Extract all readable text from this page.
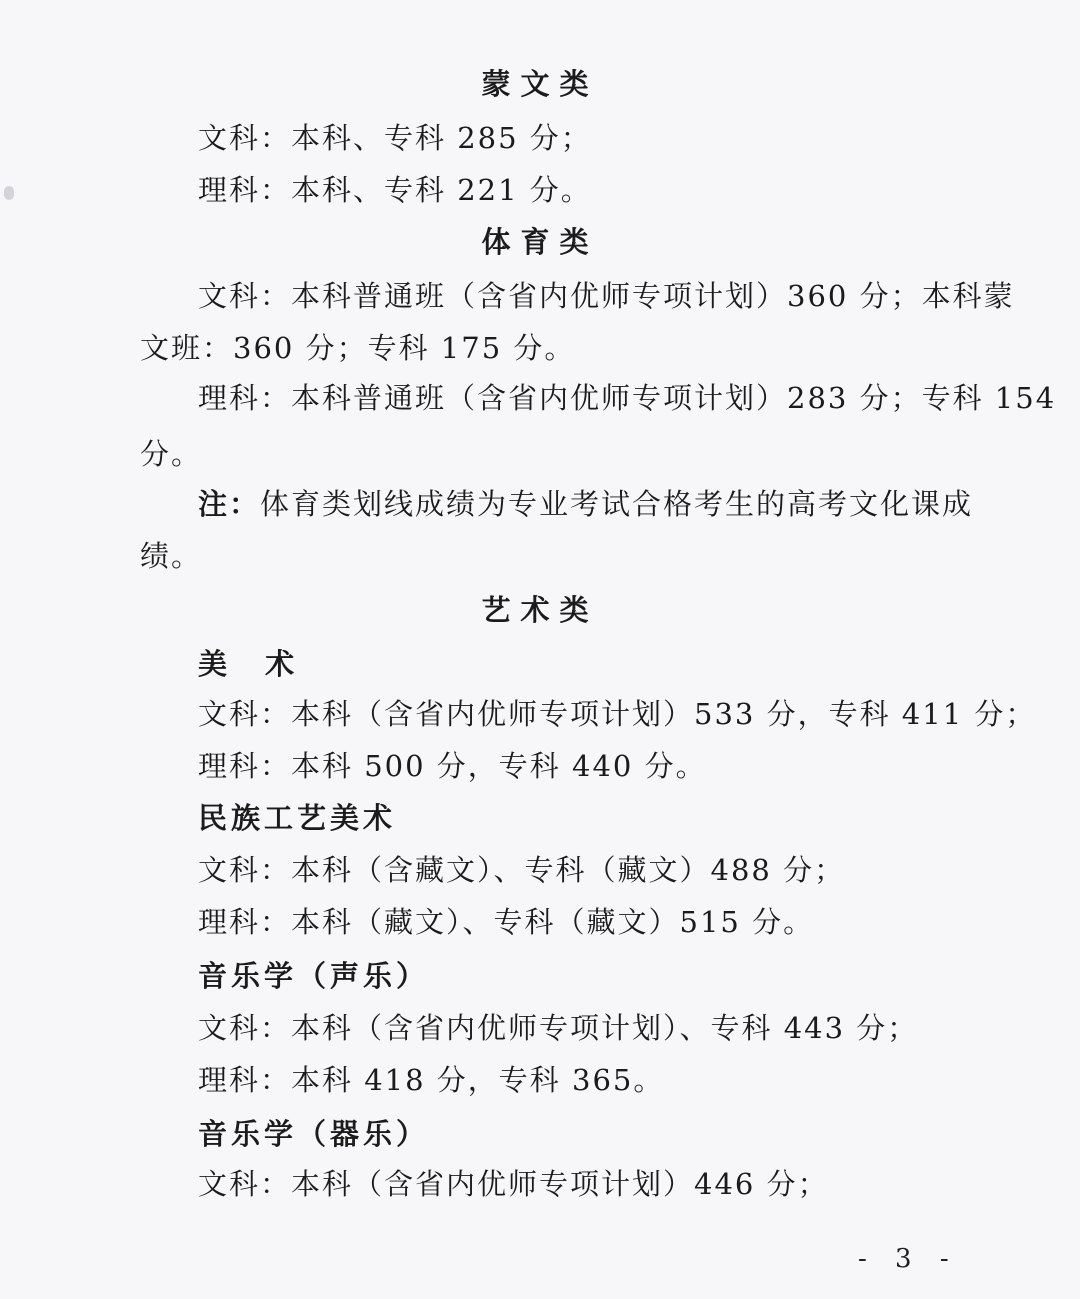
蒙文类
文科：本科、专科 285 分；
理科：本科、专科 221 分。
体育类
文科：本科普通班（含省内优师专项计划）360 分；本科蒙
文班：360 分；专科 175 分。
理科：本科普通班（含省内优师专项计划）283 分；专科 154
分。
注：体育类划线成绩为专业考试合格考生的高考文化课成
绩。
艺术类
美 术
文科：本科（含省内优师专项计划）533 分，专科 411 分；
理科：本科 500 分，专科 440 分。
民族工艺美术
文科：本科（含藏文）、专科（藏文）488 分；
理科：本科（藏文）、专科（藏文）515 分。
音乐学（声乐）
文科：本科（含省内优师专项计划）、专科 443 分；
理科：本科 418 分，专科 365。
音乐学（器乐）
文科：本科（含省内优师专项计划）446 分；
- 3 -
